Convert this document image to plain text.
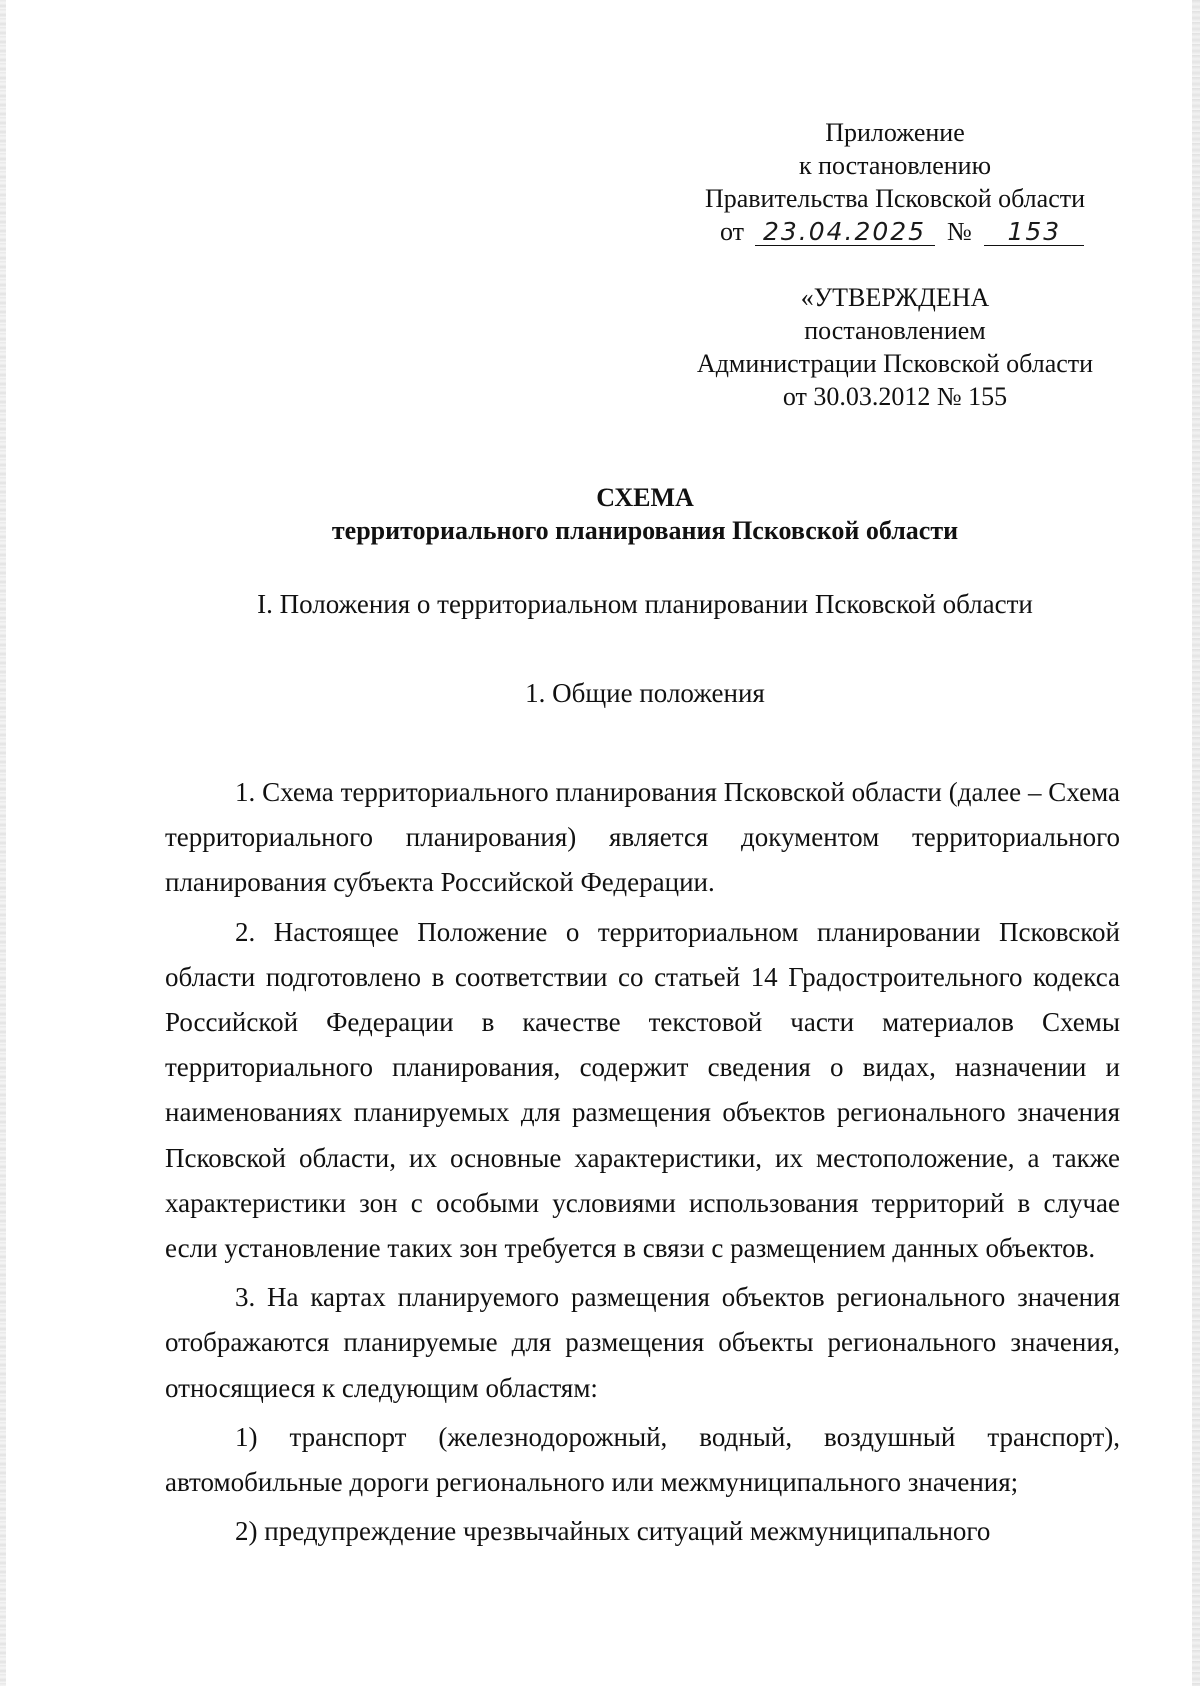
Приложение
к постановлению
Правительства Псковской области
от 23.04.2025 № 153
«УТВЕРЖДЕНА
постановлением
Администрации Псковской области
от 30.03.2012 № 155
СХЕМА
территориального планирования Псковской области
I. Положения о территориальном планировании Псковской области
1. Общие положения

1. Схема территориального планирования Псковской области (далее – Схема территориального планирования) является документом территориального планирования субъекта Российской Федерации.

2. Настоящее Положение о территориальном планировании Псковской области подготовлено в соответствии со статьей 14 Градостроительного кодекса Российской Федерации в качестве текстовой части материалов Схемы территориального планирования, содержит сведения о видах, назначении и наименованиях планируемых для размещения объектов регионального значения Псковской области, их основные характеристики, их местоположение, а также характеристики зон с особыми условиями использования территорий в случае если установление таких зон требуется в связи с размещением данных объектов.

3. На картах планируемого размещения объектов регионального значения отображаются планируемые для размещения объекты регионального значения, относящиеся к следующим областям:

1) транспорт (железнодорожный, водный, воздушный транспорт), автомобильные дороги регионального или межмуниципального значения;

2) предупреждение чрезвычайных ситуаций межмуниципального
